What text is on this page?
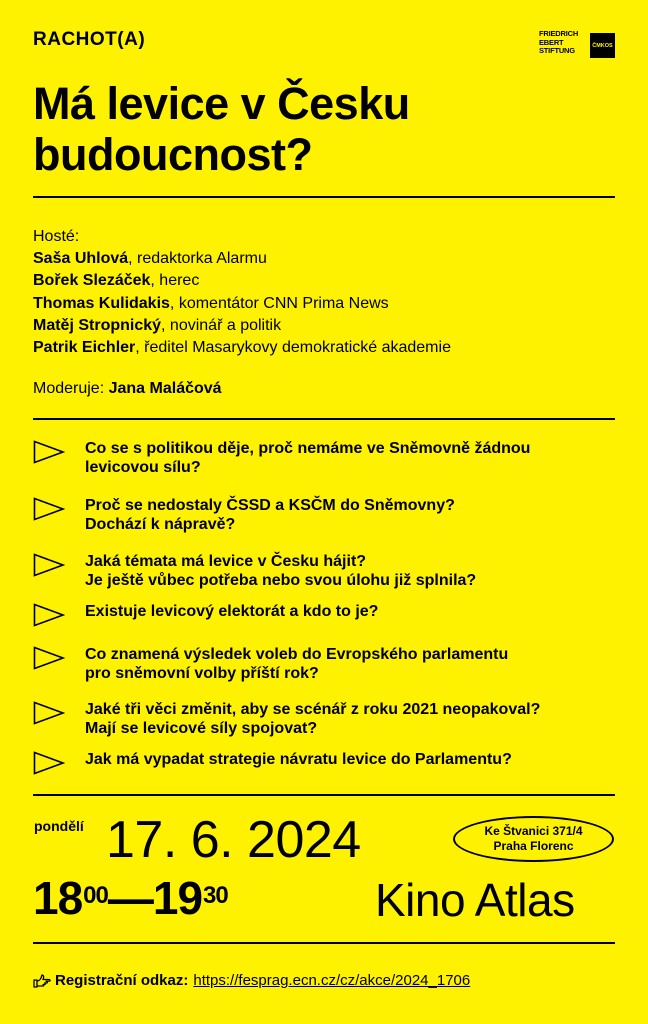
RACHOT(A)	FRIEDRICH
EBERT
STIFTUNG
ČMKOS
Má levice v Česku
budoucnost?
Hosté:
Saša Uhlová, redaktorka Alarmu
Bořek Slezáček, herec
Thomas Kulidakis, komentátor CNN Prima News
Matěj Stropnický, novinář a politik
Patrik Eichler, ředitel Masarykovy demokratické akademie
Moderuje: Jana Maláčová
Co se s politikou děje, proč nemáme ve Sněmovně žádnou
levicovou sílu?
Proč se nedostaly ČSSD a KSČM do Sněmovny?
Dochází k nápravě?
Jaká témata má levice v Česku hájit?
Je ještě vůbec potřeba nebo svou úlohu již splnila?
Existuje levicový elektorát a kdo to je?
Co znamená výsledek voleb do Evropského parlamentu
pro sněmovní volby příští rok?
Jaké tři věci změnit, aby se scénář z roku 2021 neopakoval?
Mají se levicové síly spojovat?
Jak má vypadat strategie návratu levice do Parlamentu?
pondělí 17. 6. 2024	Ke Štvanici 371/4
Praha Florenc
$18^{00}—19^{30}$	Kino Atlas
Registrační odkaz: https://fesprag.ecn.cz/cz/akce/2024_1706
